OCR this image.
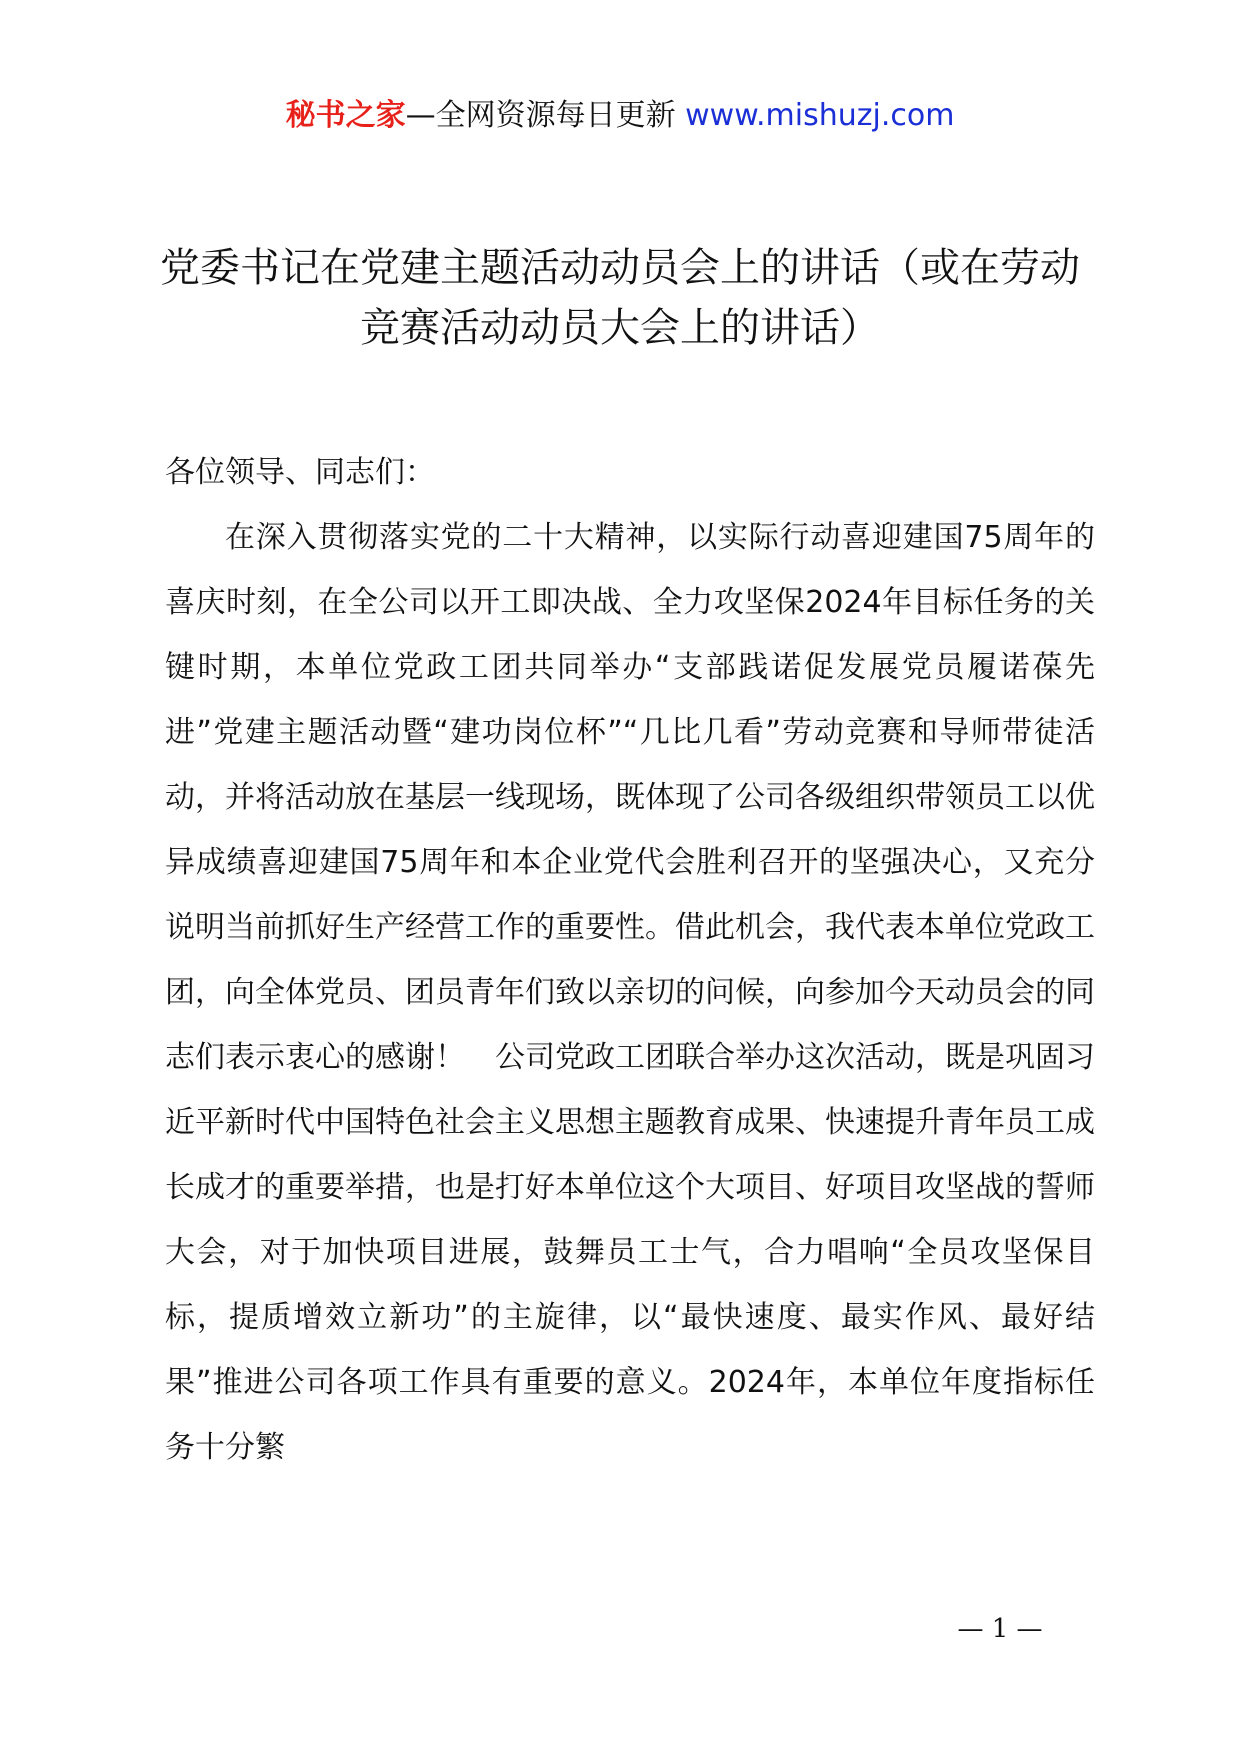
秘书之家—全网资源每日更新 www.mishuzj.com
党委书记在党建主题活动动员会上的讲话（或在劳动竞赛活动动员大会上的讲话）

各位领导、同志们：

在深入贯彻落实党的二十大精神，以实际行动喜迎建国75周年的喜庆时刻，在全公司以开工即决战、全力攻坚保2024年目标任务的关键时期，本单位党政工团共同举办“支部践诺促发展党员履诺葆先进”党建主题活动暨“建功岗位杯”“几比几看”劳动竞赛和导师带徒活动，并将活动放在基层一线现场，既体现了公司各级组织带领员工以优异成绩喜迎建国75周年和本企业党代会胜利召开的坚强决心，又充分说明当前抓好生产经营工作的重要性。借此机会，我代表本单位党政工团，向全体党员、团员青年们致以亲切的问候，向参加今天动员会的同志们表示衷心的感谢！　公司党政工团联合举办这次活动，既是巩固习近平新时代中国特色社会主义思想主题教育成果、快速提升青年员工成长成才的重要举措，也是打好本单位这个大项目、好项目攻坚战的誓师大会，对于加快项目进展，鼓舞员工士气，合力唱响“全员攻坚保目标，提质增效立新功”的主旋律，以“最快速度、最实作风、最好结果”推进公司各项工作具有重要的意义。2024年，本单位年度指标任务十分繁

— 1 —
